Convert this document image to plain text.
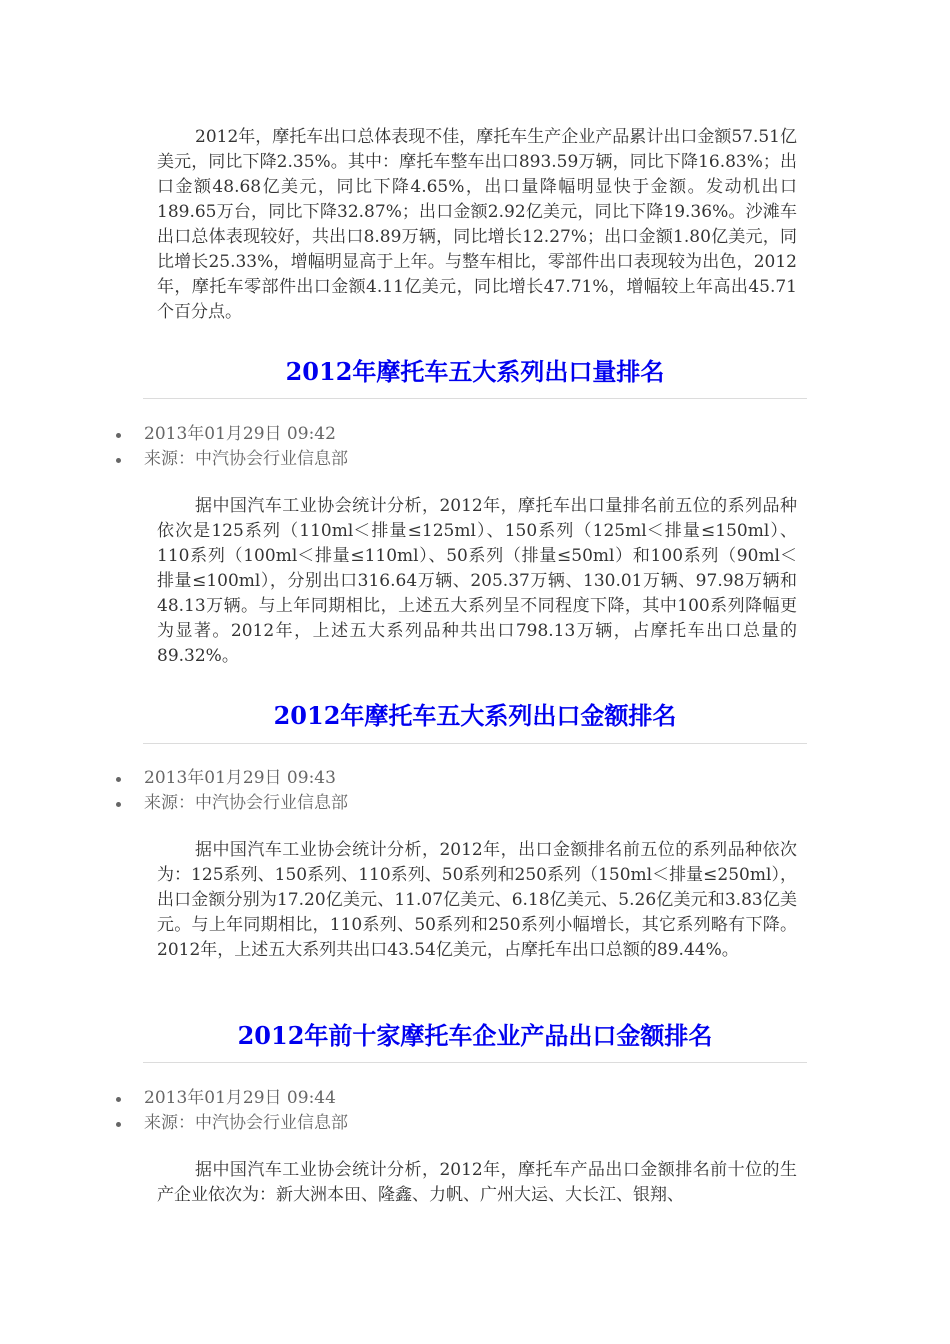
2012年，摩托车出口总体表现不佳，摩托车生产企业产品累计出口金额57.51亿美元，同比下降2.35%。其中：摩托车整车出口893.59万辆，同比下降16.83%；出口金额48.68亿美元，同比下降4.65%，出口量降幅明显快于金额。发动机出口189.65万台，同比下降32.87%；出口金额2.92亿美元，同比下降19.36%。沙滩车出口总体表现较好，共出口8.89万辆，同比增长12.27%；出口金额1.80亿美元，同比增长25.33%，增幅明显高于上年。与整车相比，零部件出口表现较为出色，2012年，摩托车零部件出口金额4.11亿美元，同比增长47.71%，增幅较上年高出45.71个百分点。

2012年摩托车五大系列出口量排名
2013年01月29日 09:42
来源：中汽协会行业信息部

据中国汽车工业协会统计分析，2012年，摩托车出口量排名前五位的系列品种依次是125系列（110ml＜排量≤125ml）、150系列（125ml＜排量≤150ml）、110系列（100ml＜排量≤110ml）、50系列（排量≤50ml）和100系列（90ml＜排量≤100ml），分别出口316.64万辆、205.37万辆、130.01万辆、97.98万辆和48.13万辆。与上年同期相比，上述五大系列呈不同程度下降，其中100系列降幅更为显著。2012年，上述五大系列品种共出口798.13万辆，占摩托车出口总量的89.32%。

2012年摩托车五大系列出口金额排名
2013年01月29日 09:43
来源：中汽协会行业信息部

据中国汽车工业协会统计分析，2012年，出口金额排名前五位的系列品种依次为：125系列、150系列、110系列、50系列和250系列（150ml＜排量≤250ml），出口金额分别为17.20亿美元、11.07亿美元、6.18亿美元、5.26亿美元和3.83亿美元。与上年同期相比，110系列、50系列和250系列小幅增长，其它系列略有下降。2012年，上述五大系列共出口43.54亿美元，占摩托车出口总额的89.44%。

2012年前十家摩托车企业产品出口金额排名
2013年01月29日 09:44
来源：中汽协会行业信息部

据中国汽车工业协会统计分析，2012年，摩托车产品出口金额排名前十位的生产企业依次为：新大洲本田、隆鑫、力帆、广州大运、大长江、银翔、
